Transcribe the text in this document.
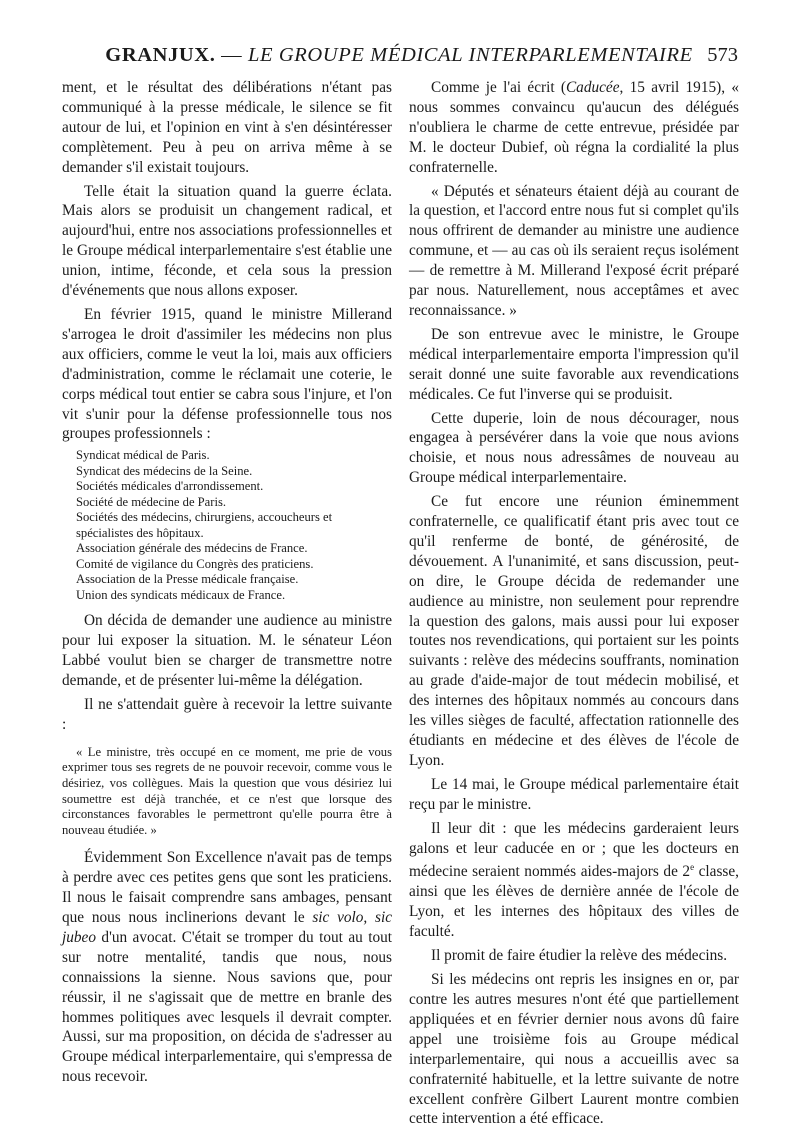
GRANJUX. — LE GROUPE MÉDICAL INTERPARLEMENTAIRE 573

ment, et le résultat des délibérations n'étant pas communiqué à la presse médicale, le silence se fit autour de lui, et l'opinion en vint à s'en désintéresser complètement. Peu à peu on arriva même à se demander s'il existait toujours.

Telle était la situation quand la guerre éclata. Mais alors se produisit un changement radical, et aujourd'hui, entre nos associations professionnelles et le Groupe médical interparlementaire s'est établie une union, intime, féconde, et cela sous la pression d'événements que nous allons exposer.

En février 1915, quand le ministre Millerand s'arrogea le droit d'assimiler les médecins non plus aux officiers, comme le veut la loi, mais aux officiers d'administration, comme le réclamait une coterie, le corps médical tout entier se cabra sous l'injure, et l'on vit s'unir pour la défense professionnelle tous nos groupes professionnels :

Syndicat médical de Paris.
Syndicat des médecins de la Seine.
Sociétés médicales d'arrondissement.
Société de médecine de Paris.
Sociétés des médecins, chirurgiens, accoucheurs et spécialistes des hôpitaux.
Association générale des médecins de France.
Comité de vigilance du Congrès des praticiens.
Association de la Presse médicale française.
Union des syndicats médicaux de France.

On décida de demander une audience au ministre pour lui exposer la situation. M. le sénateur Léon Labbé voulut bien se charger de transmettre notre demande, et de présenter lui-même la délégation.

Il ne s'attendait guère à recevoir la lettre suivante :

« Le ministre, très occupé en ce moment, me prie de vous exprimer tous ses regrets de ne pouvoir recevoir, comme vous le désiriez, vos collègues. Mais la question que vous désiriez lui soumettre est déjà tranchée, et ce n'est que lorsque des circonstances favorables le permettront qu'elle pourra être à nouveau étudiée. »

Évidemment Son Excellence n'avait pas de temps à perdre avec ces petites gens que sont les praticiens. Il nous le faisait comprendre sans ambages, pensant que nous nous inclinerions devant le sic volo, sic jubeo d'un avocat. C'était se tromper du tout au tout sur notre mentalité, tandis que nous, nous connaissions la sienne. Nous savions que, pour réussir, il ne s'agissait que de mettre en branle des hommes politiques avec lesquels il devrait compter. Aussi, sur ma proposition, on décida de s'adresser au Groupe médical interparlementaire, qui s'empressa de nous recevoir.

Comme je l'ai écrit (Caducée, 15 avril 1915), « nous sommes convaincu qu'aucun des délégués n'oubliera le charme de cette entrevue, présidée par M. le docteur Dubief, où régna la cordialité la plus confraternelle.

« Députés et sénateurs étaient déjà au courant de la question, et l'accord entre nous fut si complet qu'ils nous offrirent de demander au ministre une audience commune, et — au cas où ils seraient reçus isolément — de remettre à M. Millerand l'exposé écrit préparé par nous. Naturellement, nous acceptâmes et avec reconnaissance. »

De son entrevue avec le ministre, le Groupe médical interparlementaire emporta l'impression qu'il serait donné une suite favorable aux revendications médicales. Ce fut l'inverse qui se produisit.

Cette duperie, loin de nous décourager, nous engagea à persévérer dans la voie que nous avions choisie, et nous nous adressâmes de nouveau au Groupe médical interparlementaire.

Ce fut encore une réunion éminemment confraternelle, ce qualificatif étant pris avec tout ce qu'il renferme de bonté, de générosité, de dévouement. A l'unanimité, et sans discussion, peut-on dire, le Groupe décida de redemander une audience au ministre, non seulement pour reprendre la question des galons, mais aussi pour lui exposer toutes nos revendications, qui portaient sur les points suivants : relève des médecins souffrants, nomination au grade d'aide-major de tout médecin mobilisé, et des internes des hôpitaux nommés au concours dans les villes sièges de faculté, affectation rationnelle des étudiants en médecine et des élèves de l'école de Lyon.

Le 14 mai, le Groupe médical parlementaire était reçu par le ministre.

Il leur dit : que les médecins garderaient leurs galons et leur caducée en or ; que les docteurs en médecine seraient nommés aides-majors de 2e classe, ainsi que les élèves de dernière année de l'école de Lyon, et les internes des hôpitaux des villes de faculté.

Il promit de faire étudier la relève des médecins.

Si les médecins ont repris les insignes en or, par contre les autres mesures n'ont été que partiellement appliquées et en février dernier nous avons dû faire appel une troisième fois au Groupe médical interparlementaire, qui nous a accueillis avec sa confraternité habituelle, et la lettre suivante de notre excellent confrère Gilbert Laurent montre combien cette intervention a été efficace.
